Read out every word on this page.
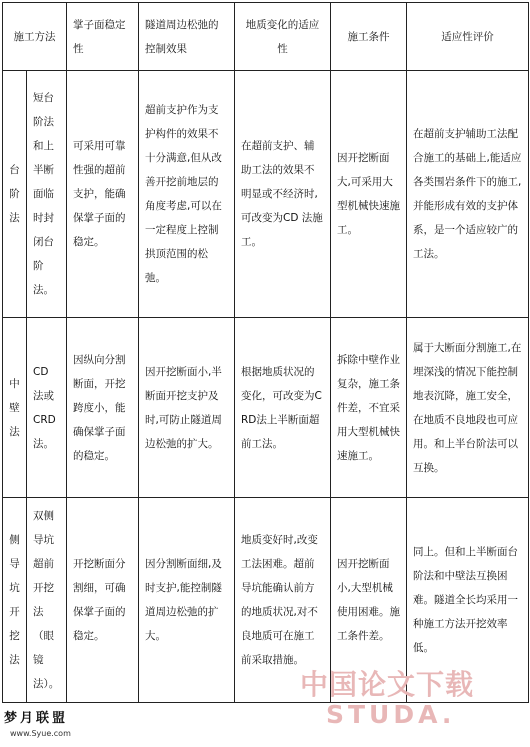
施工方法		掌子面稳定性	隧道周边松弛的控制效果	地质变化的适应性	施工条件	适应性评价
台阶法	短台阶法和上半断面临时封闭台阶法。	可采用可靠性强的超前支护，能确保掌子面的稳定。	超前支护作为支护构件的效果不十分满意,但从改善开挖前地层的角度考虑,可以在一定程度上控制拱顶范围的松弛。	在超前支护、辅助工法的效果不明显或不经济时,可改变为CD 法施工。	因开挖断面大,可采用大型机械快速施工。	在超前支护辅助工法配合施工的基础上,能适应各类围岩条件下的施工,并能形成有效的支护体系，是一个适应较广的工法。
中壁法	CD 法或CRD法。	因纵向分割断面，开挖跨度小，能确保掌子面的稳定。	因开挖断面小,半断面开挖支护及时,可防止隧道周边松弛的扩大。	根据地质状况的变化，可改变为CRD法上半断面超前工法。	拆除中壁作业复杂，施工条件差，不宜采用大型机械快速施工。	属于大断面分割施工,在埋深浅的情况下能控制地表沉降，施工安全，在地质不良地段也可应用。和上半台阶法可以互换。
侧导坑开挖法	双侧导坑超前开挖法（眼镜法）。	开挖断面分割细，可确保掌子面的稳定。	因分割断面细,及时支护,能控制隧道周边松弛的扩大。	地质变好时,改变工法困难。超前导坑能确认前方的地质状况,对不良地质可在施工前采取措施。	因开挖断面小,大型机械使用困难。施工条件差。	同上。但和上半断面台阶法和中壁法互换困难。隧道全长均采用一种施工方法开挖效率低。
中国论文下载
STUDA.
梦月联盟
www.Syue.com
